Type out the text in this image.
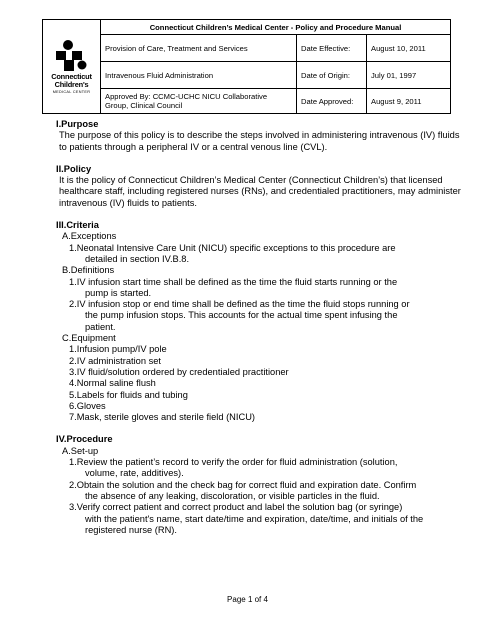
Connecticut
Children's
MEDICAL CENTER	Connecticut Children’s Medical Center - Policy and Procedure Manual		
	Provision of Care, Treatment and Services	Date Effective:	August 10, 2011
	Intravenous Fluid Administration	Date of Origin:	July 01, 1997
	Approved By: CCMC-UCHC NICU Collaborative Group, Clinical Council	Date Approved:	August 9, 2011
I.Purpose
The purpose of this policy is to describe the steps involved in administering intravenous (IV) fluids to patients through a peripheral IV or a central venous line (CVL).
II.Policy
It is the policy of Connecticut Children’s Medical Center (Connecticut Children’s) that licensed healthcare staff, including registered nurses (RNs), and credentialed practitioners, may administer intravenous (IV) fluids to patients.
III.Criteria
A.Exceptions
1.Neonatal Intensive Care Unit (NICU) specific exceptions to this procedure are
detailed in section IV.B.8.
B.Definitions
1.IV infusion start time shall be defined as the time the fluid starts running or the
pump is started.
2.IV infusion stop or end time shall be defined as the time the fluid stops running or
the pump infusion stops. This accounts for the actual time spent infusing the
patient.
C.Equipment
1.Infusion pump/IV pole
2.IV administration set
3.IV fluid/solution ordered by credentialed practitioner
4.Normal saline flush
5.Labels for fluids and tubing
6.Gloves
7.Mask, sterile gloves and sterile field (NICU)
IV.Procedure
A.Set-up
1.Review the patient’s record to verify the order for fluid administration (solution,
volume, rate, additives).
2.Obtain the solution and the check bag for correct fluid and expiration date. Confirm
the absence of any leaking, discoloration, or visible particles in the fluid.
3.Verify correct patient and correct product and label the solution bag (or syringe)
with the patient's name, start date/time and expiration, date/time, and initials of the
registered nurse (RN).
Page 1 of 4
